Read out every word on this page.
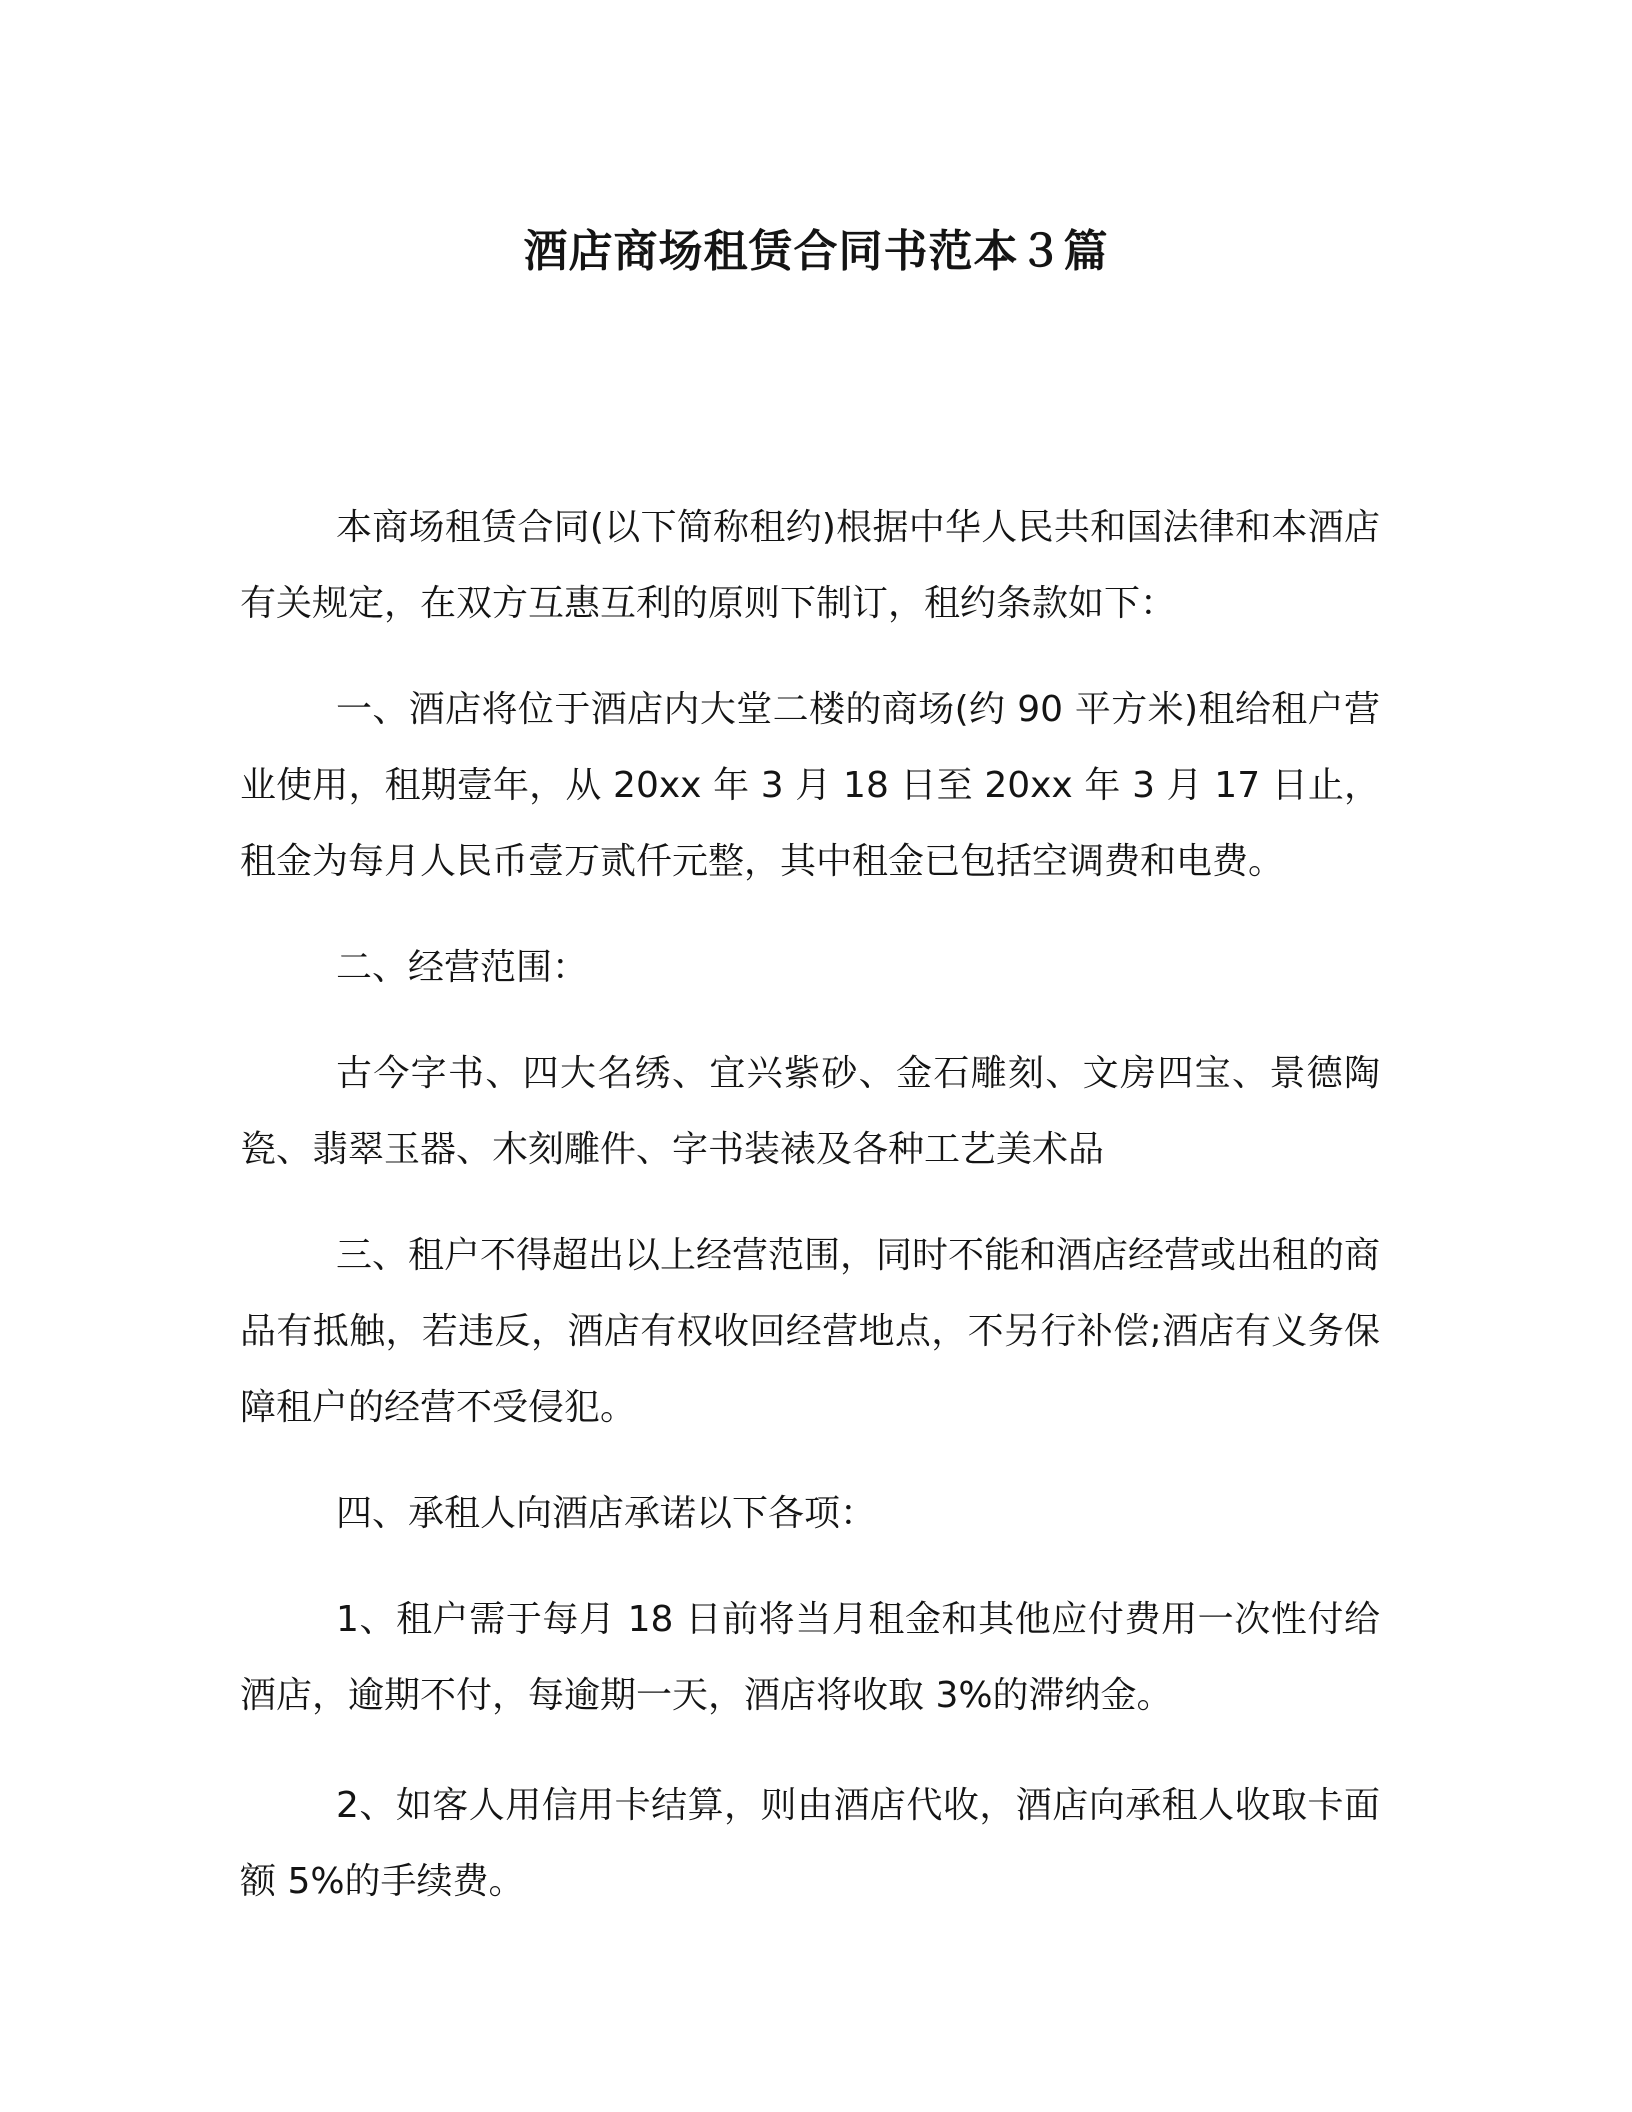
酒店商场租赁合同书范本３篇

本商场租赁合同(以下简称租约)根据中华人民共和国法律和本酒店有关规定，在双方互惠互利的原则下制订，租约条款如下：

一、酒店将位于酒店内大堂二楼的商场(约 90 平方米)租给租户营业使用，租期壹年，从 20xx 年 3 月 18 日至 20xx 年 3 月 17 日止，租金为每月人民币壹万贰仟元整，其中租金已包括空调费和电费。

二、经营范围：

古今字书、四大名绣、宜兴紫砂、金石雕刻、文房四宝、景德陶瓷、翡翠玉器、木刻雕件、字书装裱及各种工艺美术品

三、租户不得超出以上经营范围，同时不能和酒店经营或出租的商品有抵触，若违反，酒店有权收回经营地点，不另行补偿;酒店有义务保障租户的经营不受侵犯。

四、承租人向酒店承诺以下各项：

1、租户需于每月 18 日前将当月租金和其他应付费用一次性付给酒店，逾期不付，每逾期一天，酒店将收取 3%的滞纳金。

2、如客人用信用卡结算，则由酒店代收，酒店向承租人收取卡面额 5%的手续费。
